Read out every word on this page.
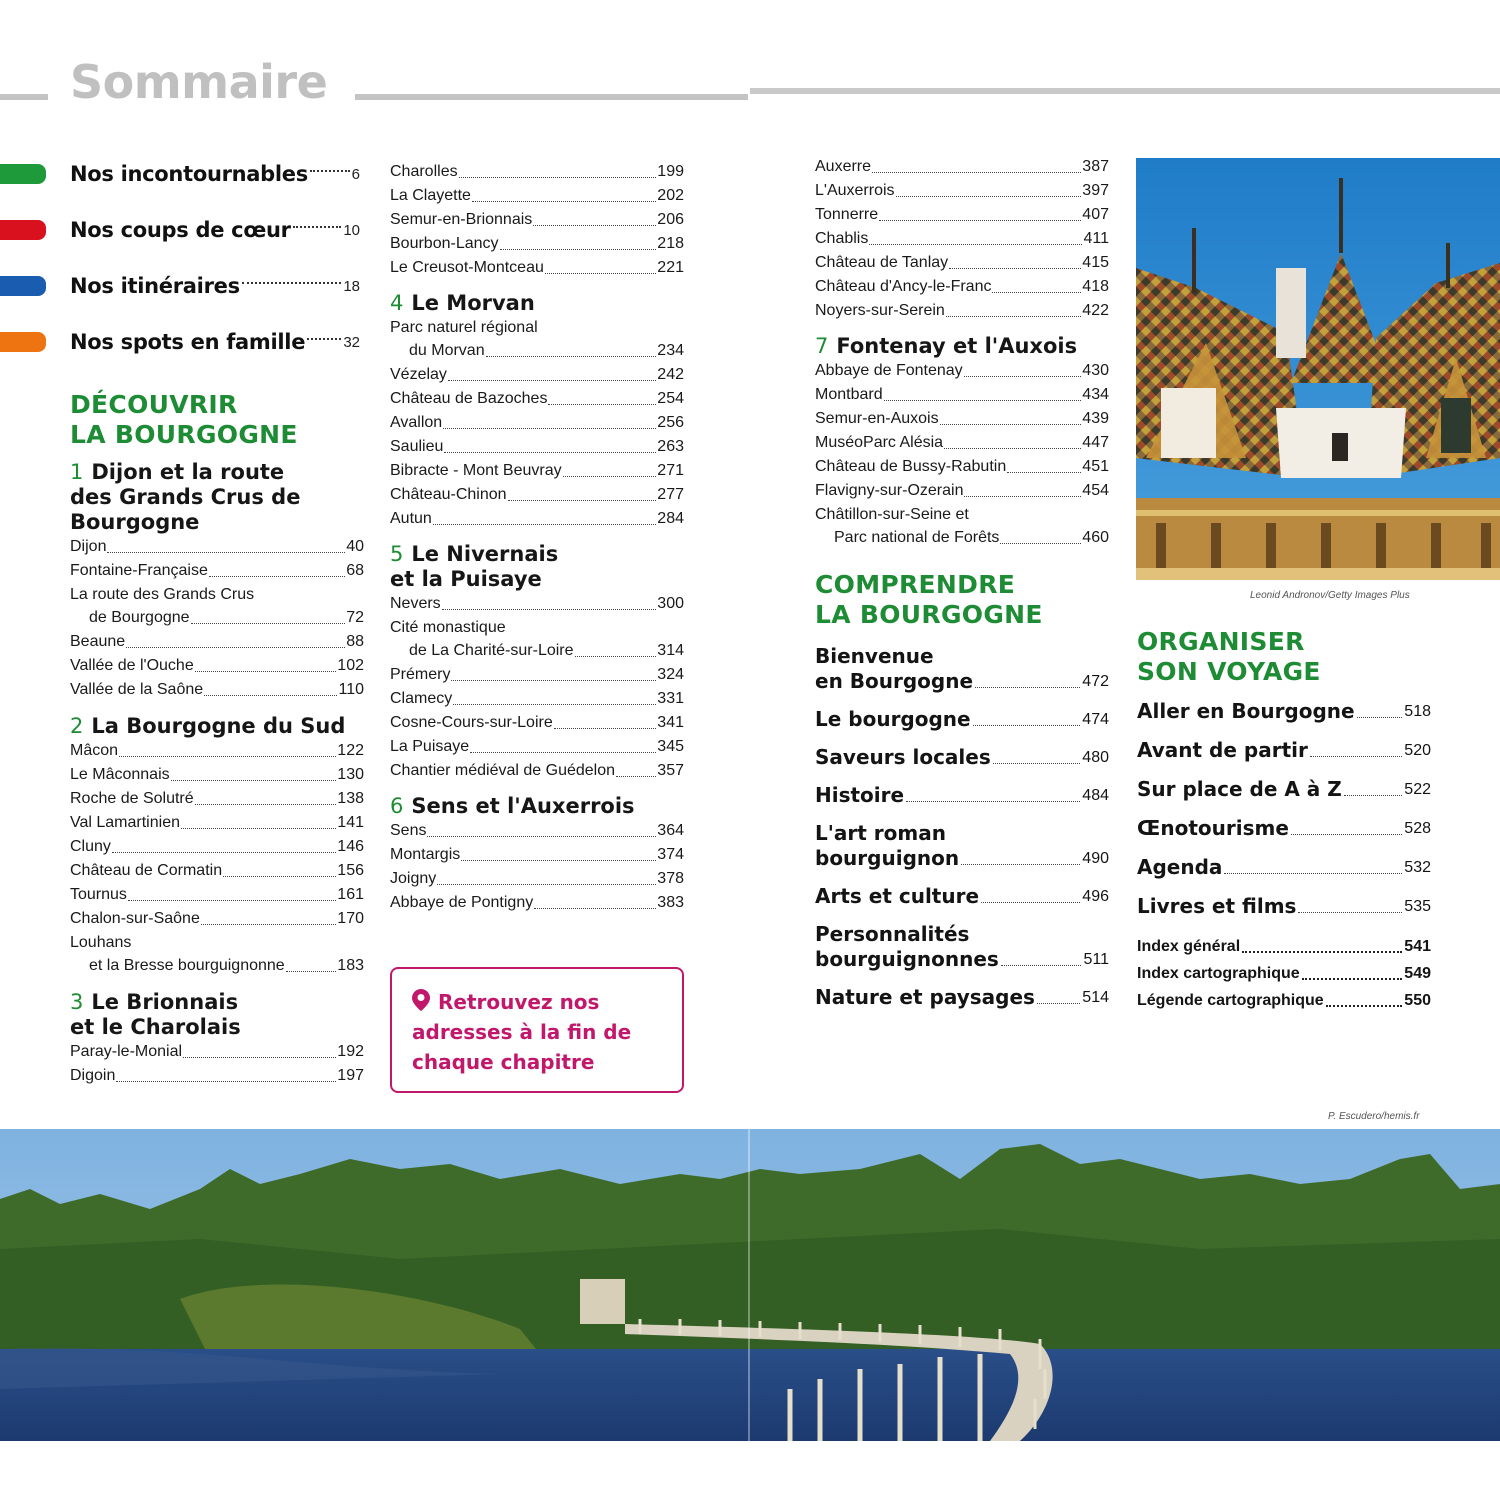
Sommaire
Nos incontournables	6
Nos coups de cœur	10
Nos itinéraires	18
Nos spots en famille	32
DÉCOUVRIR
LA BOURGOGNE
1 Dijon et la route
des Grands Crus de
Bourgogne
Dijon	40
Fontaine-Française	68
La route des Grands Crus
de Bourgogne	72
Beaune	88
Vallée de l'Ouche	102
Vallée de la Saône	110
2 La Bourgogne du Sud
Mâcon	122
Le Mâconnais	130
Roche de Solutré	138
Val Lamartinien	141
Cluny	146
Château de Cormatin	156
Tournus	161
Chalon-sur-Saône	170
Louhans
et la Bresse bourguignonne	183
3 Le Brionnais
et le Charolais
Paray-le-Monial	192
Digoin	197
Charolles	199
La Clayette	202
Semur-en-Brionnais	206
Bourbon-Lancy	218
Le Creusot-Montceau	221
4 Le Morvan
Parc naturel régional
du Morvan	234
Vézelay	242
Château de Bazoches	254
Avallon	256
Saulieu	263
Bibracte - Mont Beuvray	271
Château-Chinon	277
Autun	284
5 Le Nivernais
et la Puisaye
Nevers	300
Cité monastique
de La Charité-sur-Loire	314
Prémery	324
Clamecy	331
Cosne-Cours-sur-Loire	341
La Puisaye	345
Chantier médiéval de Guédelon	357
6 Sens et l'Auxerrois
Sens	364
Montargis	374
Joigny	378
Abbaye de Pontigny	383
Retrouvez nos adresses à la fin de chaque chapitre
Auxerre	387
L'Auxerrois	397
Tonnerre	407
Chablis	411
Château de Tanlay	415
Château d'Ancy-le-Franc	418
Noyers-sur-Serein	422
7 Fontenay et l'Auxois
Abbaye de Fontenay	430
Montbard	434
Semur-en-Auxois	439
MuséoParc Alésia	447
Château de Bussy-Rabutin	451
Flavigny-sur-Ozerain	454
Châtillon-sur-Seine et
Parc national de Forêts	460
COMPRENDRE
LA BOURGOGNE
Bienvenue
en Bourgogne	472
Le bourgogne	474
Saveurs locales	480
Histoire	484
L'art roman
bourguignon	490
Arts et culture	496
Personnalités
bourguignonnes	511
Nature et paysages	514
Leonid Andronov/Getty Images Plus
ORGANISER
SON VOYAGE
Aller en Bourgogne	518
Avant de partir	520
Sur place de A à Z	522
Œnotourisme	528
Agenda	532
Livres et films	535
Index général	541
Index cartographique	549
Légende cartographique	550
P. Escudero/hemis.fr
